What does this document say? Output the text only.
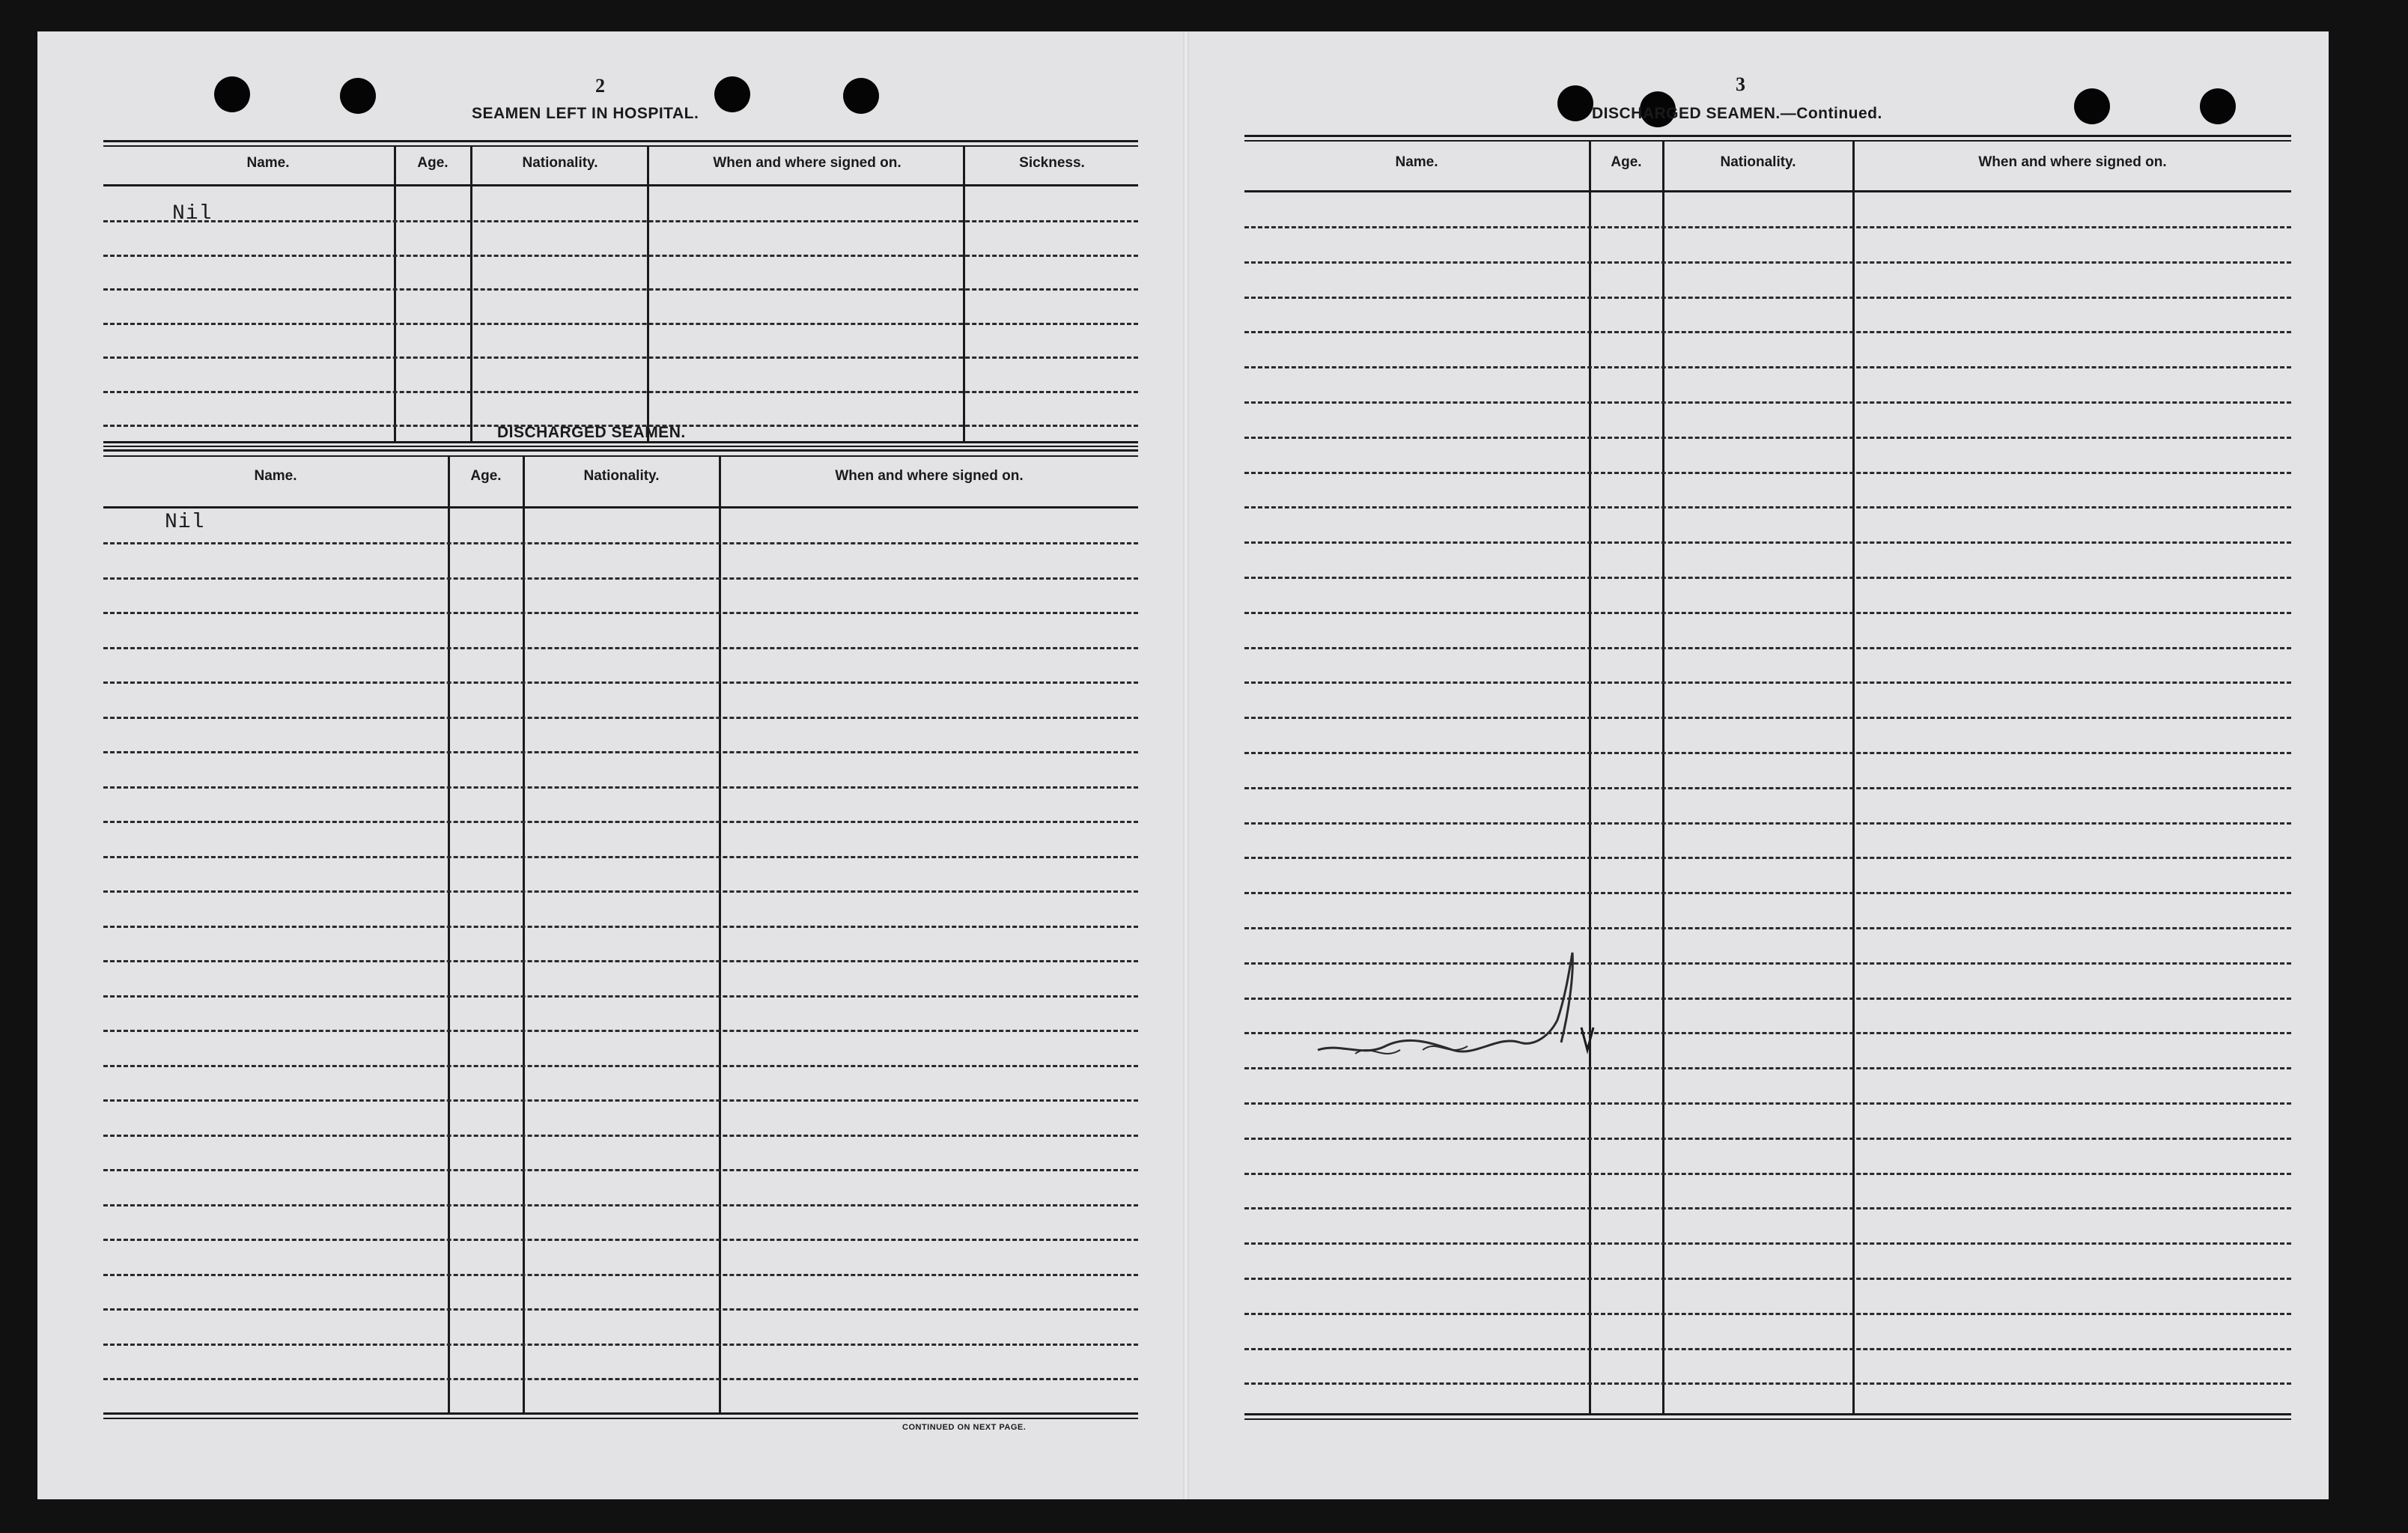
2
SEAMEN LEFT IN HOSPITAL.
Name.	Age.	Nationality.	When and where signed on.	Sickness.
Nil
DISCHARGED SEAMEN.
Name.	Age.	Nationality.	When and where signed on.
Nil
CONTINUED ON NEXT PAGE.
3
DISCHARGED SEAMEN.—Continued.
Name.	Age.	Nationality.	When and where signed on.
